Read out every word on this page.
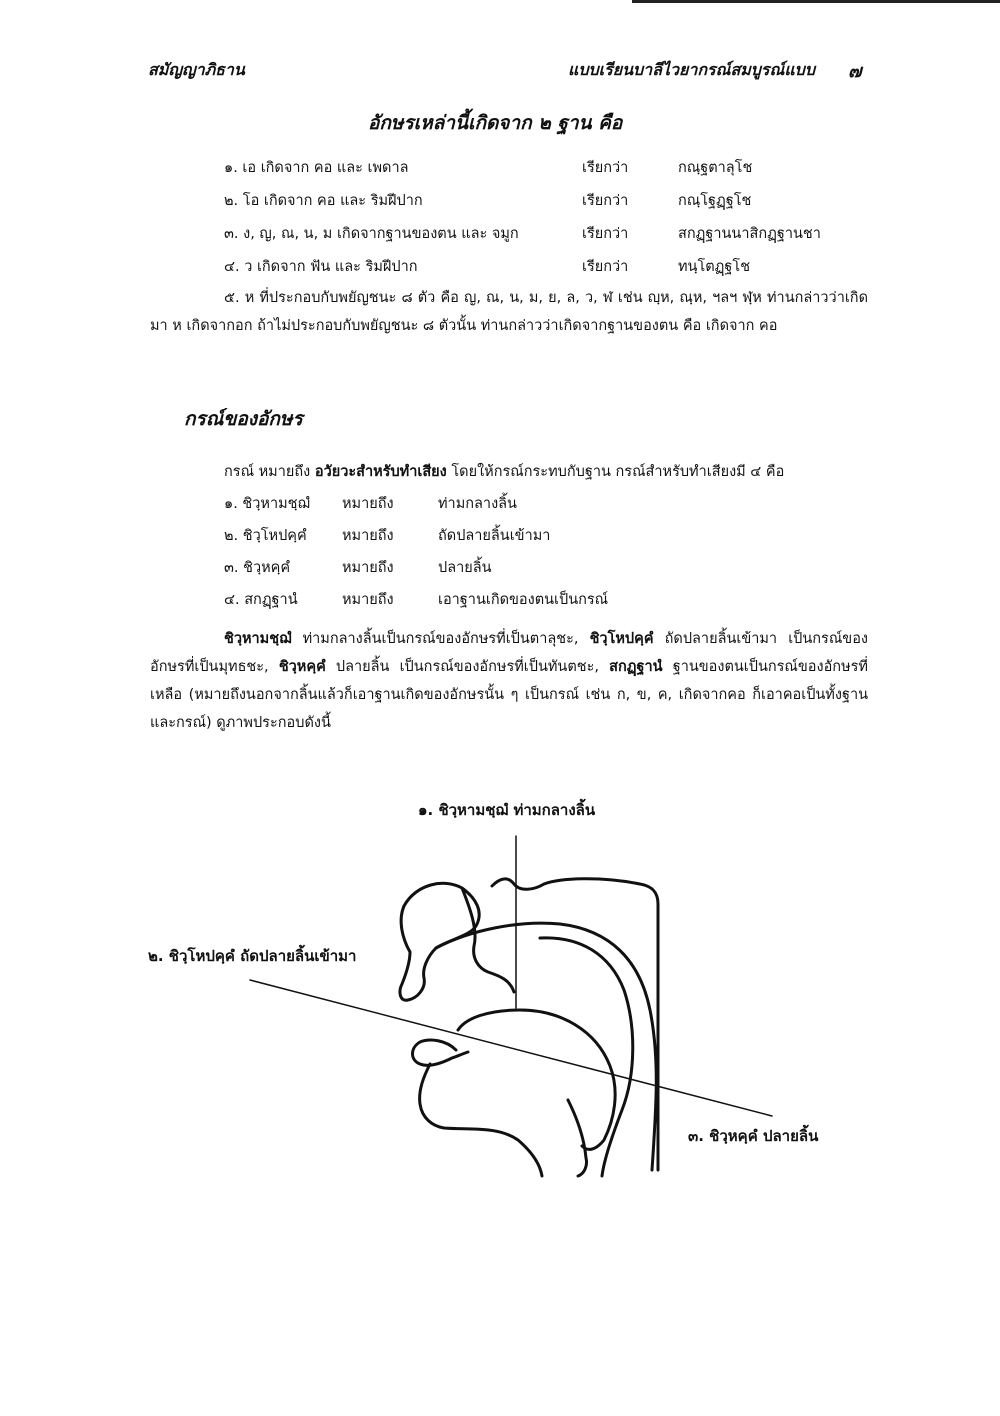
สมัญญาภิธาน	แบบเรียนบาลีไวยากรณ์สมบูรณ์แบบ ๗
อักษรเหล่านี้เกิดจาก ๒ ฐาน คือ
๑. เอ เกิดจาก คอ และ เพดาล	เรียกว่า	กณฺฐตาลุโช
๒. โอ เกิดจาก คอ และ ริมฝีปาก	เรียกว่า	กณฺโฐฏฺฐโช
๓. ง, ญ, ณ, น, ม เกิดจากฐานของตน และ จมูก	เรียกว่า	สกฏฺฐานนาสิกฏฺฐานชา
๔. ว เกิดจาก ฟัน และ ริมฝีปาก	เรียกว่า	ทนฺโตฏฺฐโช
๕. ห ที่ประกอบกับพยัญชนะ ๘ ตัว คือ ญ, ณ, น, ม, ย, ล, ว, ฬ เช่น ญฺห, ณฺห, ฯลฯ ฬฺห ท่านกล่าวว่าเกิดมา ห เกิดจากอก ถ้าไม่ประกอบกับพยัญชนะ ๘ ตัวนั้น ท่านกล่าวว่าเกิดจากฐานของตน คือ เกิดจาก คอ
กรณ์ของอักษร
กรณ์ หมายถึง อวัยวะสำหรับทำเสียง โดยให้กรณ์กระทบกับฐาน กรณ์สำหรับทำเสียงมี ๔ คือ
๑. ชิวฺหามชฺฌํ หมายถึง	ท่ามกลางลิ้น
๒. ชิวฺโหปคฺคํ หมายถึง	ถัดปลายลิ้นเข้ามา
๓. ชิวฺหคฺคํ	หมายถึง	ปลายลิ้น
๔. สกฏฺฐานํ	หมายถึง	เอาฐานเกิดของตนเป็นกรณ์
ชิวฺหามชฺฌํ ท่ามกลางลิ้นเป็นกรณ์ของอักษรที่เป็นตาลุชะ, ชิวฺโหปคฺคํ ถัดปลายลิ้นเข้ามา เป็นกรณ์ของอักษรที่เป็นมุทธชะ, ชิวฺหคฺคํ ปลายลิ้น เป็นกรณ์ของอักษรที่เป็นทันตชะ, สกฏฺฐานํ ฐานของตนเป็นกรณ์ของอักษรที่เหลือ (หมายถึงนอกจากลิ้นแล้วก็เอาฐานเกิดของอักษรนั้น ๆ เป็นกรณ์ เช่น ก, ข, ค, เกิดจากคอ ก็เอาคอเป็นทั้งฐานและกรณ์) ดูภาพประกอบดังนี้
๑. ชิวฺหามชฺฌํ ท่ามกลางลิ้น
๒. ชิวฺโหปคฺคํ ถัดปลายลิ้นเข้ามา
๓. ชิวฺหคฺคํ ปลายลิ้น
